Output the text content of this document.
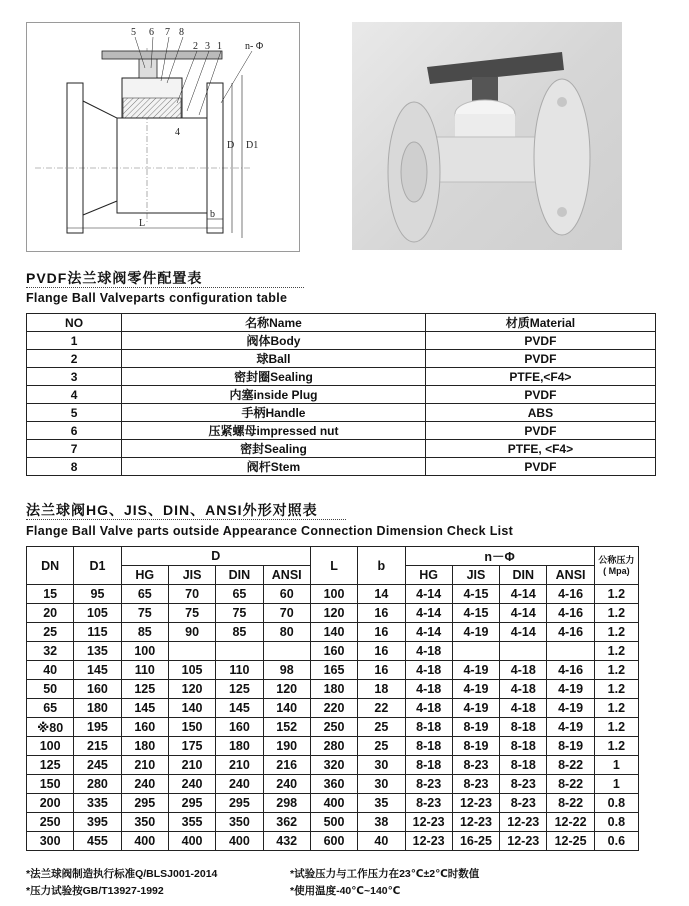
5 6 7 8
2 3 1 n- Φ
4
D D1
L
b
PVDF法兰球阀零件配置表
Flange Ball Valveparts configuration table
NO	名称Name	材质Material
1	阀体Body	PVDF
2	球Ball	PVDF
3	密封圈Sealing	PTFE,<F4>
4	内塞inside Plug	PVDF
5	手柄Handle	ABS
6	压紧螺母impressed nut	PVDF
7	密封Sealing	PTFE, <F4>
8	阀杆Stem	PVDF
法兰球阀HG、JIS、DIN、ANSI外形对照表
Flange Ball Valve parts outside Appearance Connection Dimension Check List
DN	D1	D				L	b	n－Φ				公称压力
( Mpa)
		HG	JIS	DIN	ANSI			HG	JIS	DIN	ANSI	
15	95	65	70	65	60	100	14	4-14	4-15	4-14	4-16	1.2
20	105	75	75	75	70	120	16	4-14	4-15	4-14	4-16	1.2
25	115	85	90	85	80	140	16	4-14	4-19	4-14	4-16	1.2
32	135	100				160	16	4-18				1.2
40	145	110	105	110	98	165	16	4-18	4-19	4-18	4-16	1.2
50	160	125	120	125	120	180	18	4-18	4-19	4-18	4-19	1.2
65	180	145	140	145	140	220	22	4-18	4-19	4-18	4-19	1.2
※80	195	160	150	160	152	250	25	8-18	8-19	8-18	4-19	1.2
100	215	180	175	180	190	280	25	8-18	8-19	8-18	8-19	1.2
125	245	210	210	210	216	320	30	8-18	8-23	8-18	8-22	1
150	280	240	240	240	240	360	30	8-23	8-23	8-23	8-22	1
200	335	295	295	295	298	400	35	8-23	12-23	8-23	8-22	0.8
250	395	350	355	350	362	500	38	12-23	12-23	12-23	12-22	0.8
300	455	400	400	400	432	600	40	12-23	16-25	12-23	12-25	0.6
*法兰球阀制造执行标准Q/BLSJ001-2014	*试验压力与工作压力在23℃±2℃时数值
*压力试验按GB/T13927-1992	*使用温度-40℃~140℃
